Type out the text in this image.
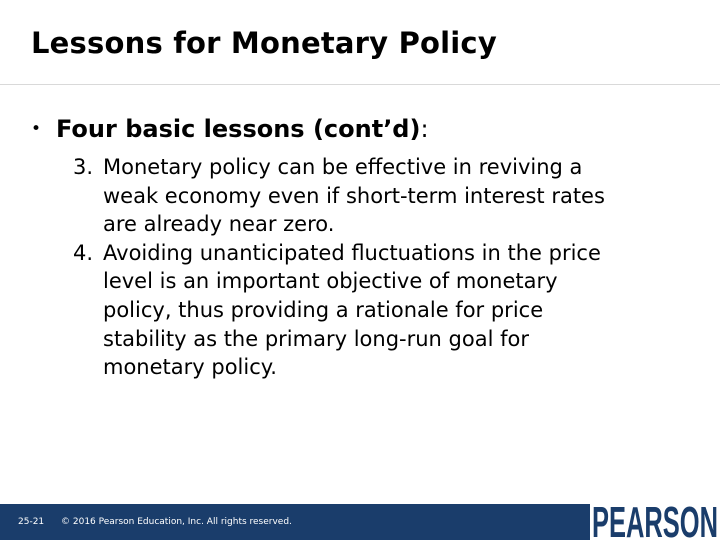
Lessons for Monetary Policy
• Four basic lessons (cont’d):
3. Monetary policy can be effective in reviving a
weak economy even if short-term interest rates
are already near zero.
4. Avoiding unanticipated fluctuations in the price
level is an important objective of monetary
policy, thus providing a rationale for price
stability as the primary long-run goal for
monetary policy.
25-21 © 2016 Pearson Education, Inc. All rights reserved.	PEARSON
